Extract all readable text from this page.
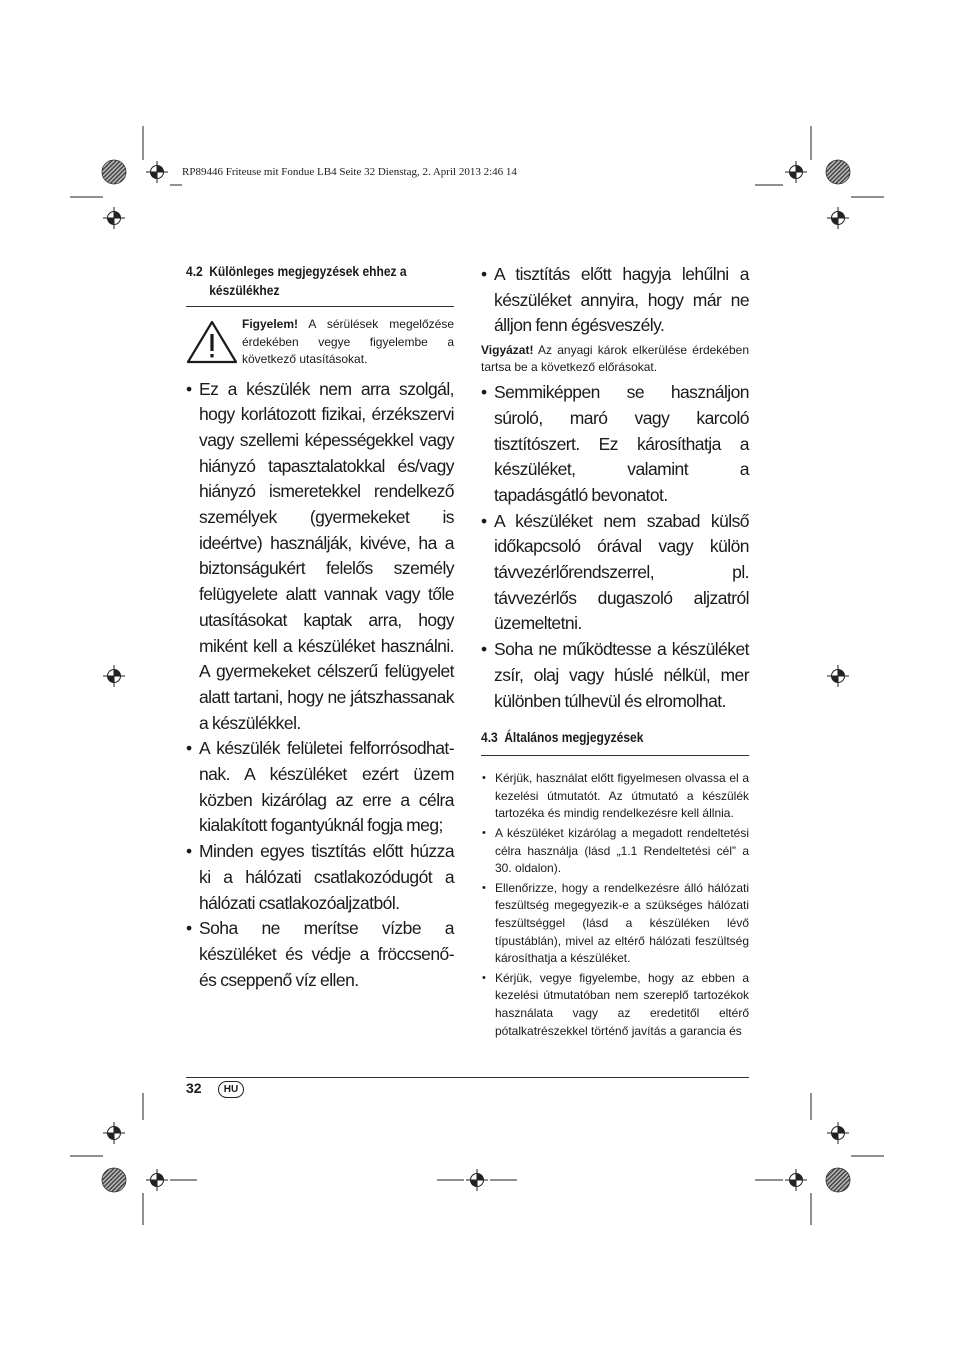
RP89446 Friteuse mit Fondue LB4 Seite 32 Dienstag, 2. April 2013 2:46 14

4.2 Különleges megjegyzések ehhez a
készülékhez

Figyelem! A sérülések megelőzése érdekében vegye figyelembe a következő utasításokat.

• Ez a készülék nem arra szolgál, hogy korlátozott fizikai, érzékszervi vagy szellemi képességekkel vagy hiányzó tapasztalatokkal és/vagy hiányzó ismeretekkel rendelkező személyek (gyermekeket is ideértve) használják, kivéve, ha a biztonságukért felelős személy felügyelete alatt vannak vagy tőle utasításokat kaptak arra, hogy miként kell a készüléket használni. A gyermekeket célszerű felügyelet alatt tartani, hogy ne játszhassanak a készülékkel.
• A készülék felületei felforrósodhat-nak. A készüléket ezért üzem közben kizárólag az erre a célra kialakított fogantyúknál fogja meg;
• Minden egyes tisztítás előtt húzza ki a hálózati csatlakozódugót a hálózati csatlakozóaljzatból.
• Soha ne merítse vízbe a készüléket és védje a fröccsenő- és cseppenő víz ellen.
• A tisztítás előtt hagyja lehűlni a készüléket annyira, hogy már ne álljon fenn égésveszély.

Vigyázat! Az anyagi károk elkerülése érdekében tartsa be a következő előrásokat.

• Semmiképpen se használjon súroló, maró vagy karcoló tisztítószert. Ez károsíthatja a készüléket, valamint a tapadásgátló bevonatot.
• A készüléket nem szabad külső időkapcsoló órával vagy külön távvezérlőrendszerrel, pl. távvezérlős dugaszoló aljzatról üzemeltetni.
• Soha ne működtesse a készüléket zsír, olaj vagy húslé nélkül, mer különben túlhevül és elromolhat.

4.3 Általános megjegyzések

• Kérjük, használat előtt figyelmesen olvassa el a kezelési útmutatót. Az útmutató a készülék tartozéka és mindig rendelkezésre kell állnia.
• A készüléket kizárólag a megadott rendeltetési célra használja (lásd „1.1 Rendeltetési cél” a 30. oldalon).
• Ellenőrizze, hogy a rendelkezésre álló hálózati feszültség megegyezik-e a szükséges hálózati feszültséggel (lásd a készüléken lévő típustáblán), mivel az eltérő hálózati feszültség károsíthatja a készüléket.
• Kérjük, vegye figyelembe, hogy az ebben a kezelési útmutatóban nem szereplő tartozékok használata vagy az eredetitől eltérő pótalkatrészekkel történő javítás a garancia és
32	HU
